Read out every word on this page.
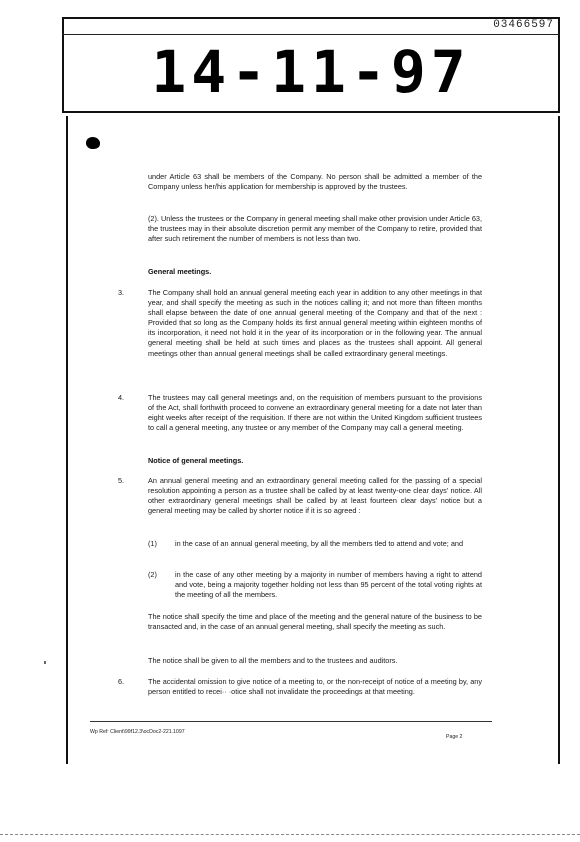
03466597
14-11-97
under Article 63 shall be members of the Company. No person shall be admitted a member of the Company unless her/his application for membership is approved by the trustees.
(2). Unless the trustees or the Company in general meeting shall make other provision under Article 63, the trustees may in their absolute discretion permit any member of the Company to retire, provided that after such retirement the number of members is not less than two.
General meetings.
3.	The Company shall hold an annual general meeting each year in addition to any other meetings in that year, and shall specify the meeting as such in the notices calling it; and not more than fifteen months shall elapse between the date of one annual general meeting of the Company and that of the next : Provided that so long as the Company holds its first annual general meeting within eighteen months of its incorporation, it need not hold it in the year of its incorporation or in the following year. The annual general meeting shall be held at such times and places as the trustees shall appoint. All general meetings other than annual general meetings shall be called extraordinary general meetings.
4.	The trustees may call general meetings and, on the requisition of members pursuant to the provisions of the Act, shall forthwith proceed to convene an extraordinary general meeting for a date not later than eight weeks after receipt of the requisition. If there are not within the United Kingdom sufficient trustees to call a general meeting, any trustee or any member of the Company may call a general meeting.
Notice of general meetings.
5.	An annual general meeting and an extraordinary general meeting called for the passing of a special resolution appointing a person as a trustee shall be called by at least twenty-one clear days' notice. All other extraordinary general meetings shall be called by at least fourteen clear days' notice but a general meeting may be called by shorter notice if it is so agreed :
(1) in the case of an annual general meeting, by all the members tled to attend and vote; and
(2) in the case of any other meeting by a majority in number of members having a right to attend and vote, being a majority together holding not less than 95 percent of the total voting rights at the meeting of all the members.
The notice shall specify the time and place of the meeting and the general nature of the business to be transacted and, in the case of an annual general meeting, shall specify the meeting as such.
The notice shall be given to all the members and to the trustees and auditors.
6.	The accidental omission to give notice of a meeting to, or the non-receipt of notice of a meeting by, any person entitled to recei·· ·otice shall not invalidate the proceedings at that meeting.
Wp Ref: Client\99f12.3\ocDoc2-221.1097
Page 2
